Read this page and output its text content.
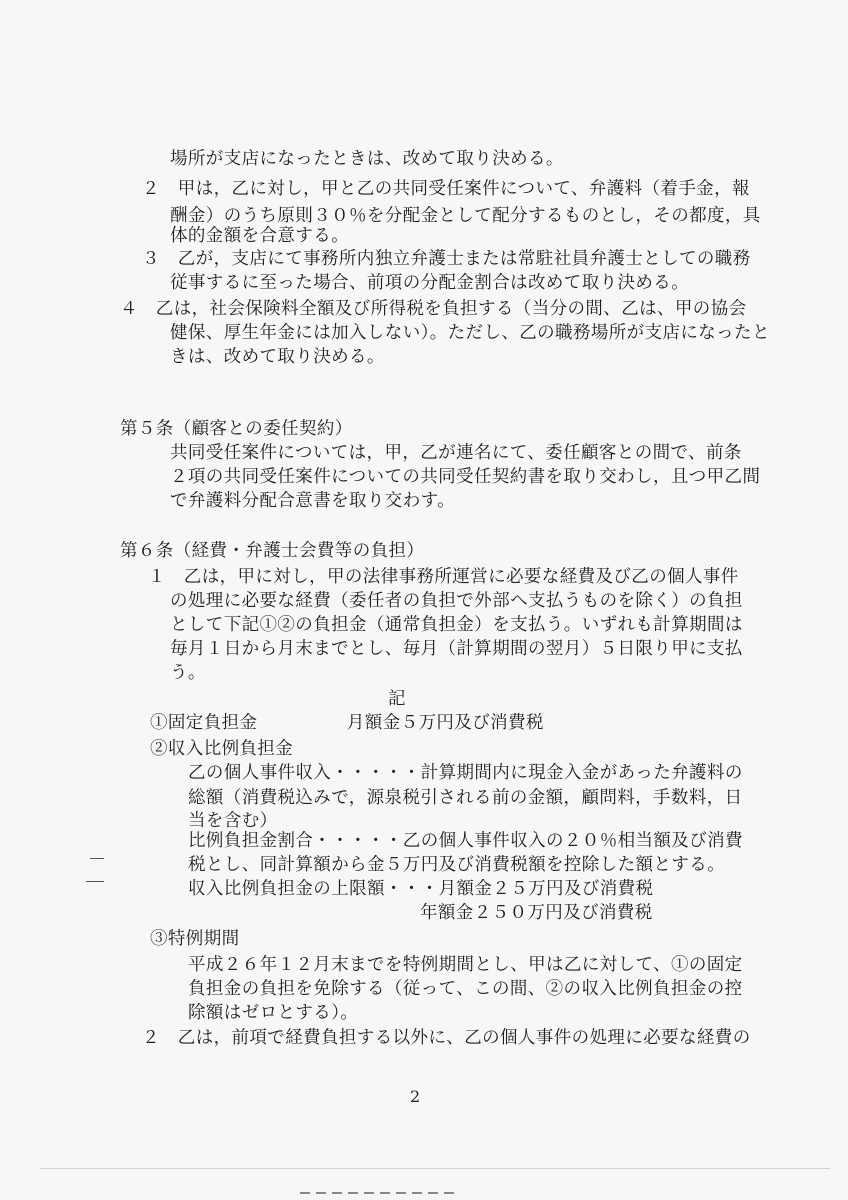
場所が支店になったときは、改めて取り決める。
２　甲は，乙に対し，甲と乙の共同受任案件について、弁護料（着手金，報
酬金）のうち原則３０％を分配金として配分するものとし，その都度，具
体的金額を合意する。
３　乙が，支店にて事務所内独立弁護士または常駐社員弁護士としての職務
従事するに至った場合、前項の分配金割合は改めて取り決める。
４　乙は，社会保険料全額及び所得税を負担する（当分の間、乙は、甲の協会
健保、厚生年金には加入しない）。ただし、乙の職務場所が支店になったと
きは、改めて取り決める。
第５条（顧客との委任契約）
共同受任案件については，甲，乙が連名にて、委任顧客との間で、前条
２項の共同受任案件についての共同受任契約書を取り交わし，且つ甲乙間
で弁護料分配合意書を取り交わす。
第６条（経費・弁護士会費等の負担）
１　乙は，甲に対し，甲の法律事務所運営に必要な経費及び乙の個人事件
の処理に必要な経費（委任者の負担で外部へ支払うものを除く）の負担
として下記①②の負担金（通常負担金）を支払う。いずれも計算期間は
毎月１日から月末までとし、毎月（計算期間の翌月）５日限り甲に支払
う。
記
①固定負担金　　　　　月額金５万円及び消費税
②収入比例負担金
乙の個人事件収入・・・・・計算期間内に現金入金があった弁護料の
総額（消費税込みで，源泉税引される前の金額，顧問料，手数料，日
当を含む）
比例負担金割合・・・・・乙の個人事件収入の２０％相当額及び消費
税とし、同計算額から金５万円及び消費税額を控除した額とする。
収入比例負担金の上限額・・・月額金２５万円及び消費税
年額金２５０万円及び消費税
③特例期間
平成２６年１２月末までを特例期間とし、甲は乙に対して、①の固定
負担金の負担を免除する（従って、この間、②の収入比例負担金の控
除額はゼロとする）。
２　乙は，前項で経費負担する以外に、乙の個人事件の処理に必要な経費の
2
